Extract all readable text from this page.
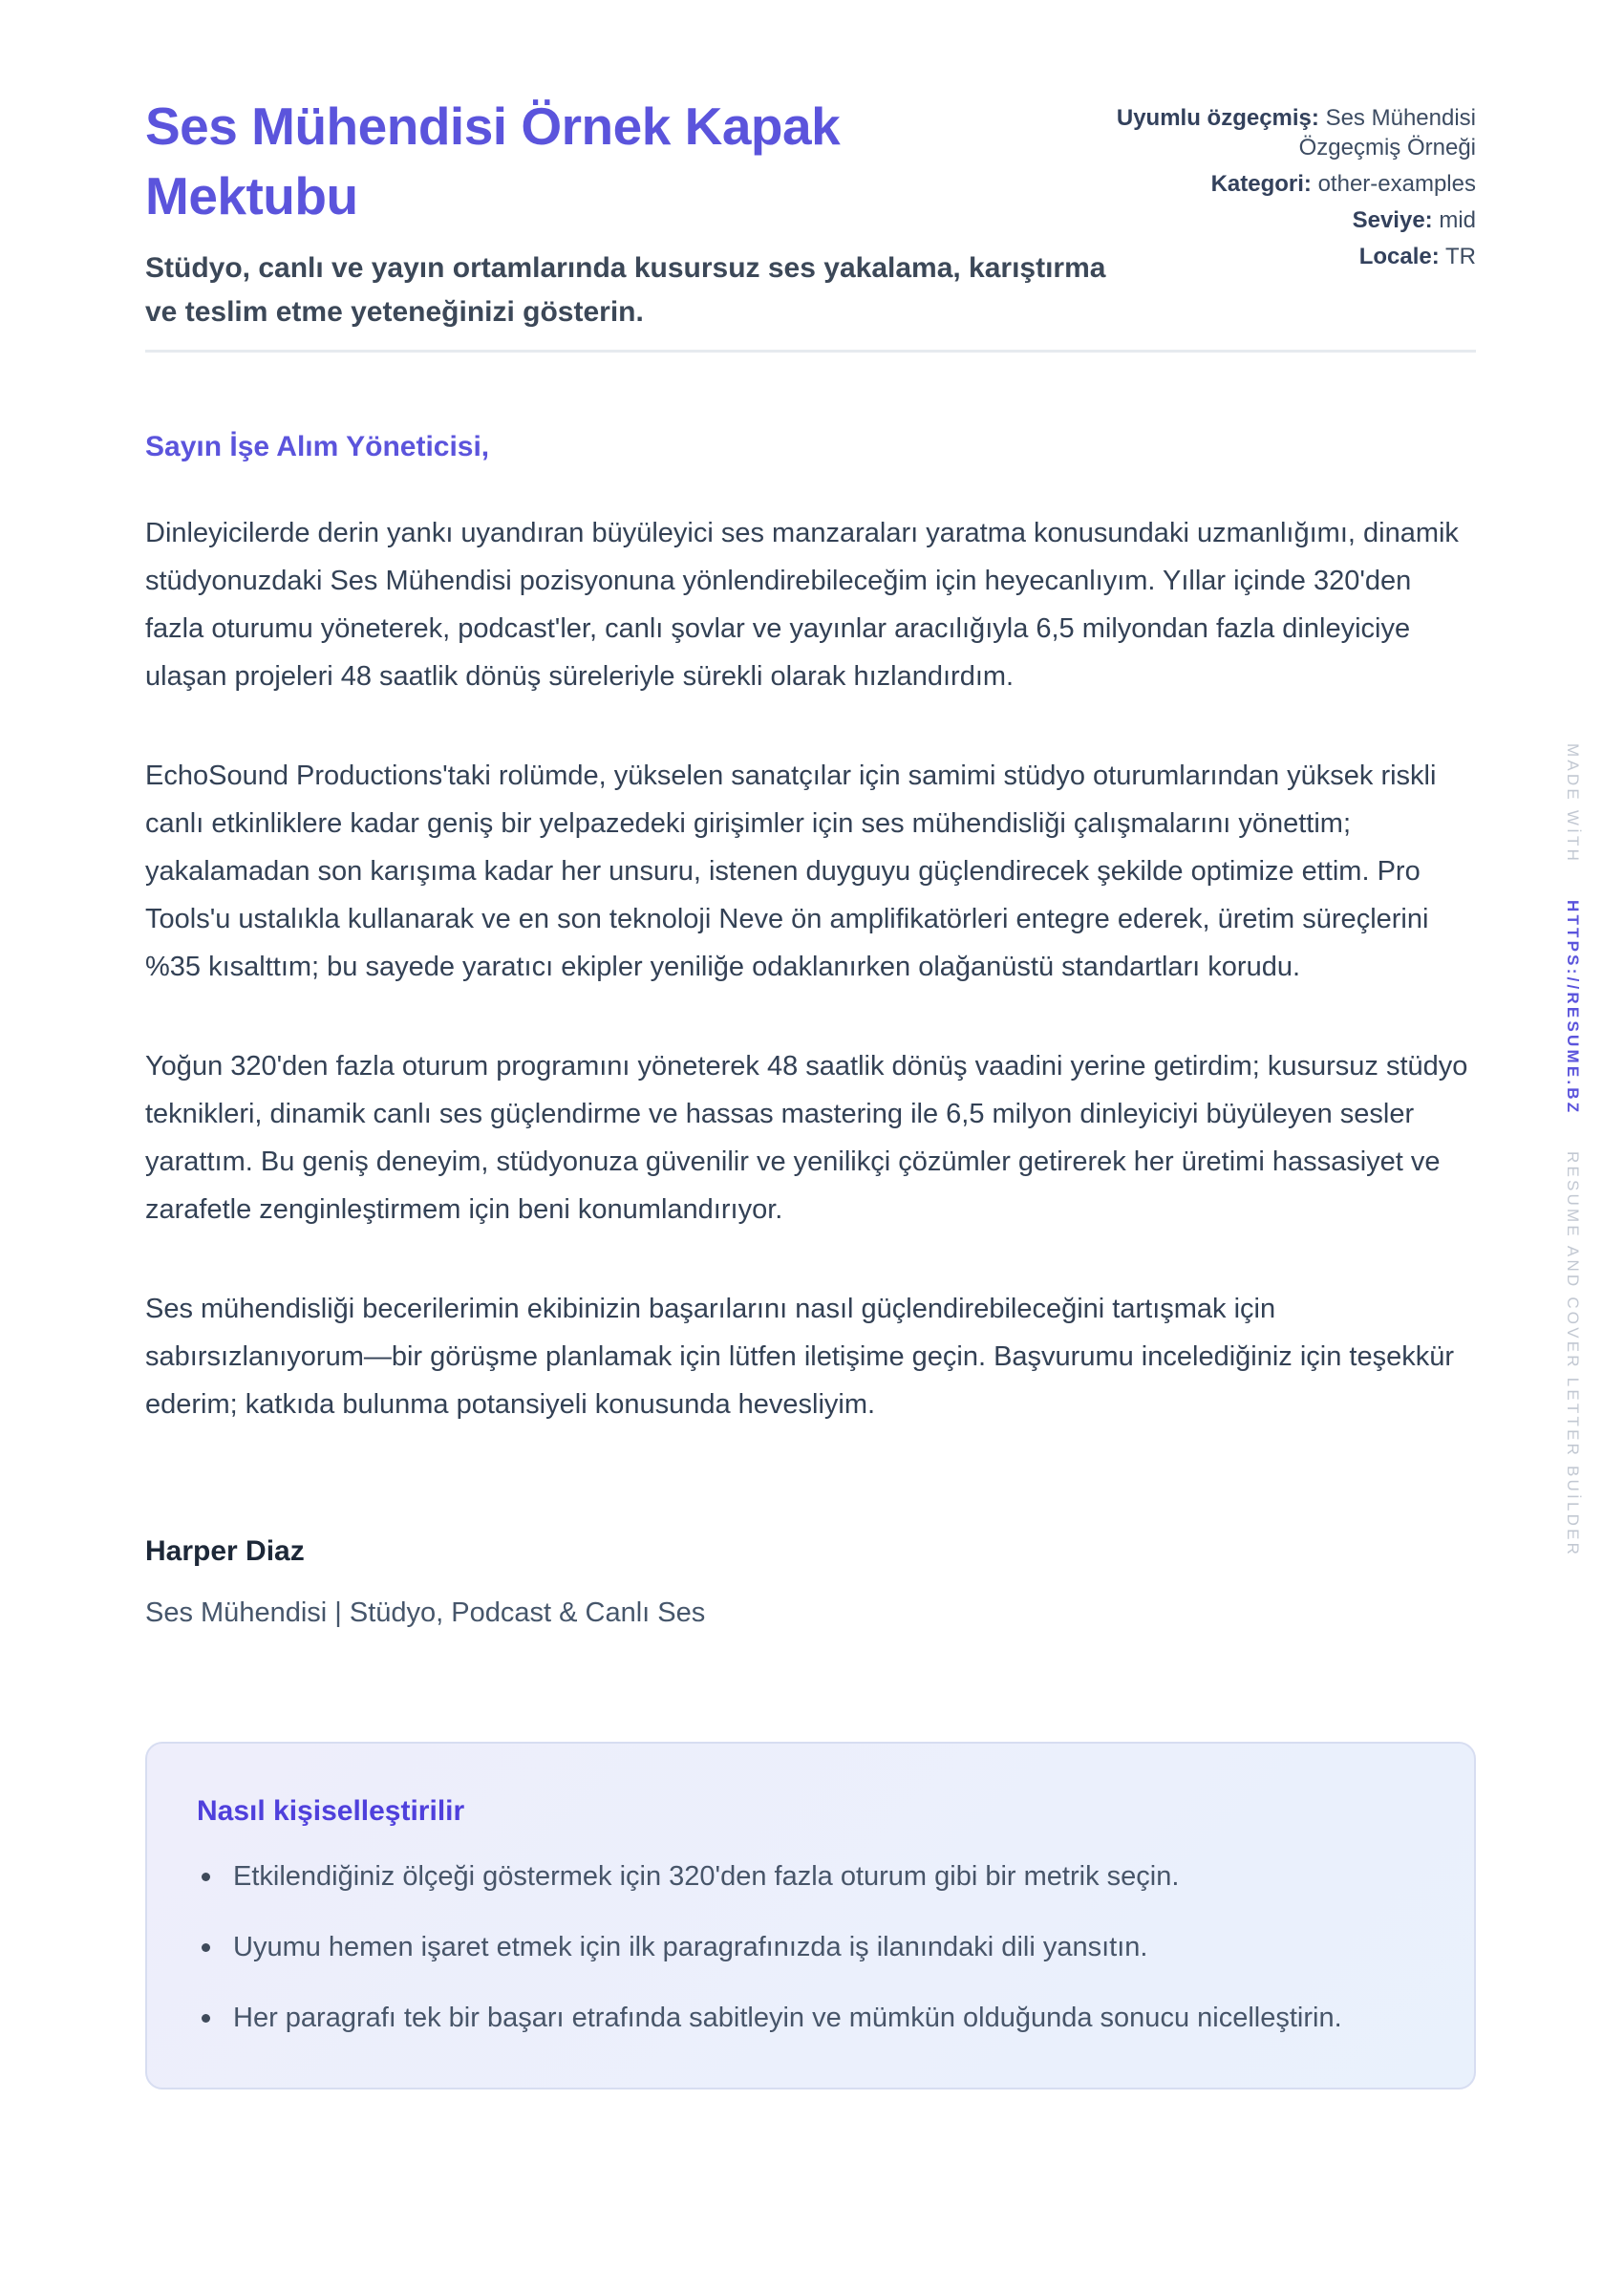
Ses Mühendisi Örnek Kapak Mektubu
Stüdyo, canlı ve yayın ortamlarında kusursuz ses yakalama, karıştırma ve teslim etme yeteneğinizi gösterin.
Uyumlu özgeçmiş: Ses Mühendisi Özgeçmiş Örneği
Kategori: other-examples
Seviye: mid
Locale: TR
Sayın İşe Alım Yöneticisi,

Dinleyicilerde derin yankı uyandıran büyüleyici ses manzaraları yaratma konusundaki uzmanlığımı, dinamik stüdyonuzdaki Ses Mühendisi pozisyonuna yönlendirebileceğim için heyecanlıyım. Yıllar içinde 320'den fazla oturumu yöneterek, podcast'ler, canlı şovlar ve yayınlar aracılığıyla 6,5 milyondan fazla dinleyiciye ulaşan projeleri 48 saatlik dönüş süreleriyle sürekli olarak hızlandırdım.

EchoSound Productions'taki rolümde, yükselen sanatçılar için samimi stüdyo oturumlarından yüksek riskli canlı etkinliklere kadar geniş bir yelpazedeki girişimler için ses mühendisliği çalışmalarını yönettim; yakalamadan son karışıma kadar her unsuru, istenen duyguyu güçlendirecek şekilde optimize ettim. Pro Tools'u ustalıkla kullanarak ve en son teknoloji Neve ön amplifikatörleri entegre ederek, üretim süreçlerini %35 kısalttım; bu sayede yaratıcı ekipler yeniliğe odaklanırken olağanüstü standartları korudu.

Yoğun 320'den fazla oturum programını yöneterek 48 saatlik dönüş vaadini yerine getirdim; kusursuz stüdyo teknikleri, dinamik canlı ses güçlendirme ve hassas mastering ile 6,5 milyon dinleyiciyi büyüleyen sesler yarattım. Bu geniş deneyim, stüdyonuza güvenilir ve yenilikçi çözümler getirerek her üretimi hassasiyet ve zarafetle zenginleştirmem için beni konumlandırıyor.

Ses mühendisliği becerilerimin ekibinizin başarılarını nasıl güçlendirebileceğini tartışmak için sabırsızlanıyorum—bir görüşme planlamak için lütfen iletişime geçin. Başvurumu incelediğiniz için teşekkür ederim; katkıda bulunma potansiyeli konusunda hevesliyim.

Harper Diaz
Ses Mühendisi | Stüdyo, Podcast & Canlı Ses
Nasıl kişiselleştirilir
Etkilendiğiniz ölçeği göstermek için 320'den fazla oturum gibi bir metrik seçin.
Uyumu hemen işaret etmek için ilk paragrafınızda iş ilanındaki dili yansıtın.
Her paragrafı tek bir başarı etrafında sabitleyin ve mümkün olduğunda sonucu nicelleştirin.
MADE WİTH HTTPS://RESUME.BZ RESUME AND COVER LETTER BUİLDER
